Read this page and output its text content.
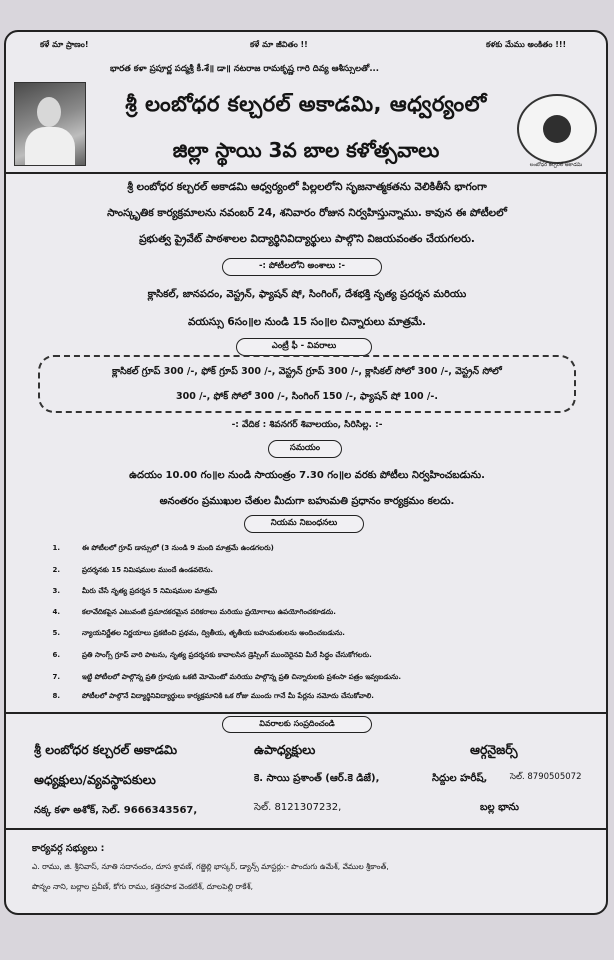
కళే మా ప్రాణం!	కళే మా జీవితం !!	కళకు మేము అంకితం !!!
భారత కళా ప్రపూర్ణ పద్మశ్రీ కీ.శే॥ డా॥ నటరాజ రామకృష్ణ గారి దివ్య ఆశీస్సులతో...
శ్రీ లంబోధర కల్చరల్ అకాడమి, ఆధ్వర్యంలో
జిల్లా స్థాయి 3వ బాల కళోత్సవాలు
లంబోధర కల్చరల్ అకాడమి
శ్రీ లంబోధర కల్చరల్ అకాడమి ఆధ్వర్యంలో పిల్లలలోని సృజనాత్మకతను వెలికితీసే భాగంగా
సాంస్కృతిక కార్యక్రమాలను నవంబర్ 24, శనివారం రోజున నిర్వహిస్తున్నాము. కావున ఈ పోటీలలో
ప్రభుత్వ ప్రైవేట్ పాఠశాలల విద్యార్థినివిద్యార్థులు పాల్గొని విజయవంతం చేయగలరు.
-: పోటీలలోని అంశాలు :-
క్లాసికల్, జానపదం, వెస్ట్రన్, ఫ్యాషన్ షో, సింగింగ్, దేశభక్తి నృత్య ప్రదర్శన మరియు
వయస్సు 6సం॥ల నుండి 15 సం॥ల చిన్నారులు మాత్రమే.
ఎంట్రీ ఫీ - వివరాలు
క్లాసికల్ గ్రూప్ 300 /-, ఫోక్ గ్రూప్ 300 /-, వెస్ట్రన్ గ్రూప్ 300 /-, క్లాసికల్ సోలో 300 /-, వెస్ట్రన్ సోలో
300 /-, ఫోక్ సోలో 300 /-, సింగింగ్ 150 /-, ఫ్యాషన్ షో 100 /-.
-: వేదిక : శివనగర్ శివాలయం, సిరిసిల్ల. :-
సమయం
ఉదయం 10.00 గం॥ల నుండి సాయంత్రం 7.30 గం॥ల వరకు పోటీలు నిర్వహించబడును.
అనంతరం ప్రముఖుల చేతుల మీదుగా బహుమతి ప్రధానం కార్యక్రమం కలదు.
నియమ నిబంధనలు
1.	ఈ పోటీలలో గ్రూప్ డాన్సులో (3 నుండి 9 మంది మాత్రమే ఉండగలరు)
2.	ప్రదర్శనకు 15 నిమిషముల ముందే ఉండవలెను.
3.	మీరు చేసే నృత్య ప్రదర్శన 5 నిమిషముల మాత్రమే
4.	కలావేదికపైన ఎటువంటి ప్రమాదకరమైన పరికరాలు మరియు ప్రయోగాలు ఉపయోగించకూడదు.
5.	న్యాయనిర్ణేతల నిర్ణయాలు ప్రకటించి ప్రథమ, ద్వితీయ, తృతీయ బహుమతులను అందించబడును.
6.	ప్రతి సాంగ్స్ గ్రూప్ వారి పాటను, నృత్య ప్రదర్శనకు కావాలసిన డ్రెస్సింగ్ ముందెరైనవి మీరే సిద్ధం చేసుకోగలరు.
7.	ఇట్టి పోటీలలో పాల్గొన్న ప్రతి గ్రూపుకు ఒకటి మోమెంటో మరియు పాల్గొన్న ప్రతి చిన్నారులకు ప్రశంసా పత్రం ఇవ్వబడును.
8.	పోటీలలో పాల్గొనే విద్యార్థినివిద్యార్థులు కార్యక్రమానికి ఒక రోజు ముందు గానే మీ పేర్లను నమోదు చేసుకోవాలి.
వివరాలకు సంప్రదించండి
శ్రీ లంబోధర కల్చరల్ అకాడమి
అధ్యక్షులు/వ్యవస్థాపకులు
నక్క కళా అశోక్, సెల్. 9666343567,
ఉపాధ్యక్షులు
కె. సాయి ప్రశాంత్ (ఆర్.కె డిజే),
సెల్. 8121307232,
ఆర్గనైజర్స్
సిద్దుల హరీష్,	సెల్. 8790505072
బల్ల భాను
కార్యవర్గ సభ్యులు :
ఎ. రాము, జి. శ్రీనివాస్, నూతి సదానందం, దూస శ్రావణ్, గజ్జెల్లి భాస్కర్, డ్యాన్స్ మాస్టర్లు:- పొందుగు ఉమేశ్, వేముల శ్రీకాంత్,
పొన్నం నాని, బల్లాల ప్రవీణ్, కోగు రాము, కత్తెరపాక వెంకటేశ్, దూలపెల్లి రాకేశ్,
